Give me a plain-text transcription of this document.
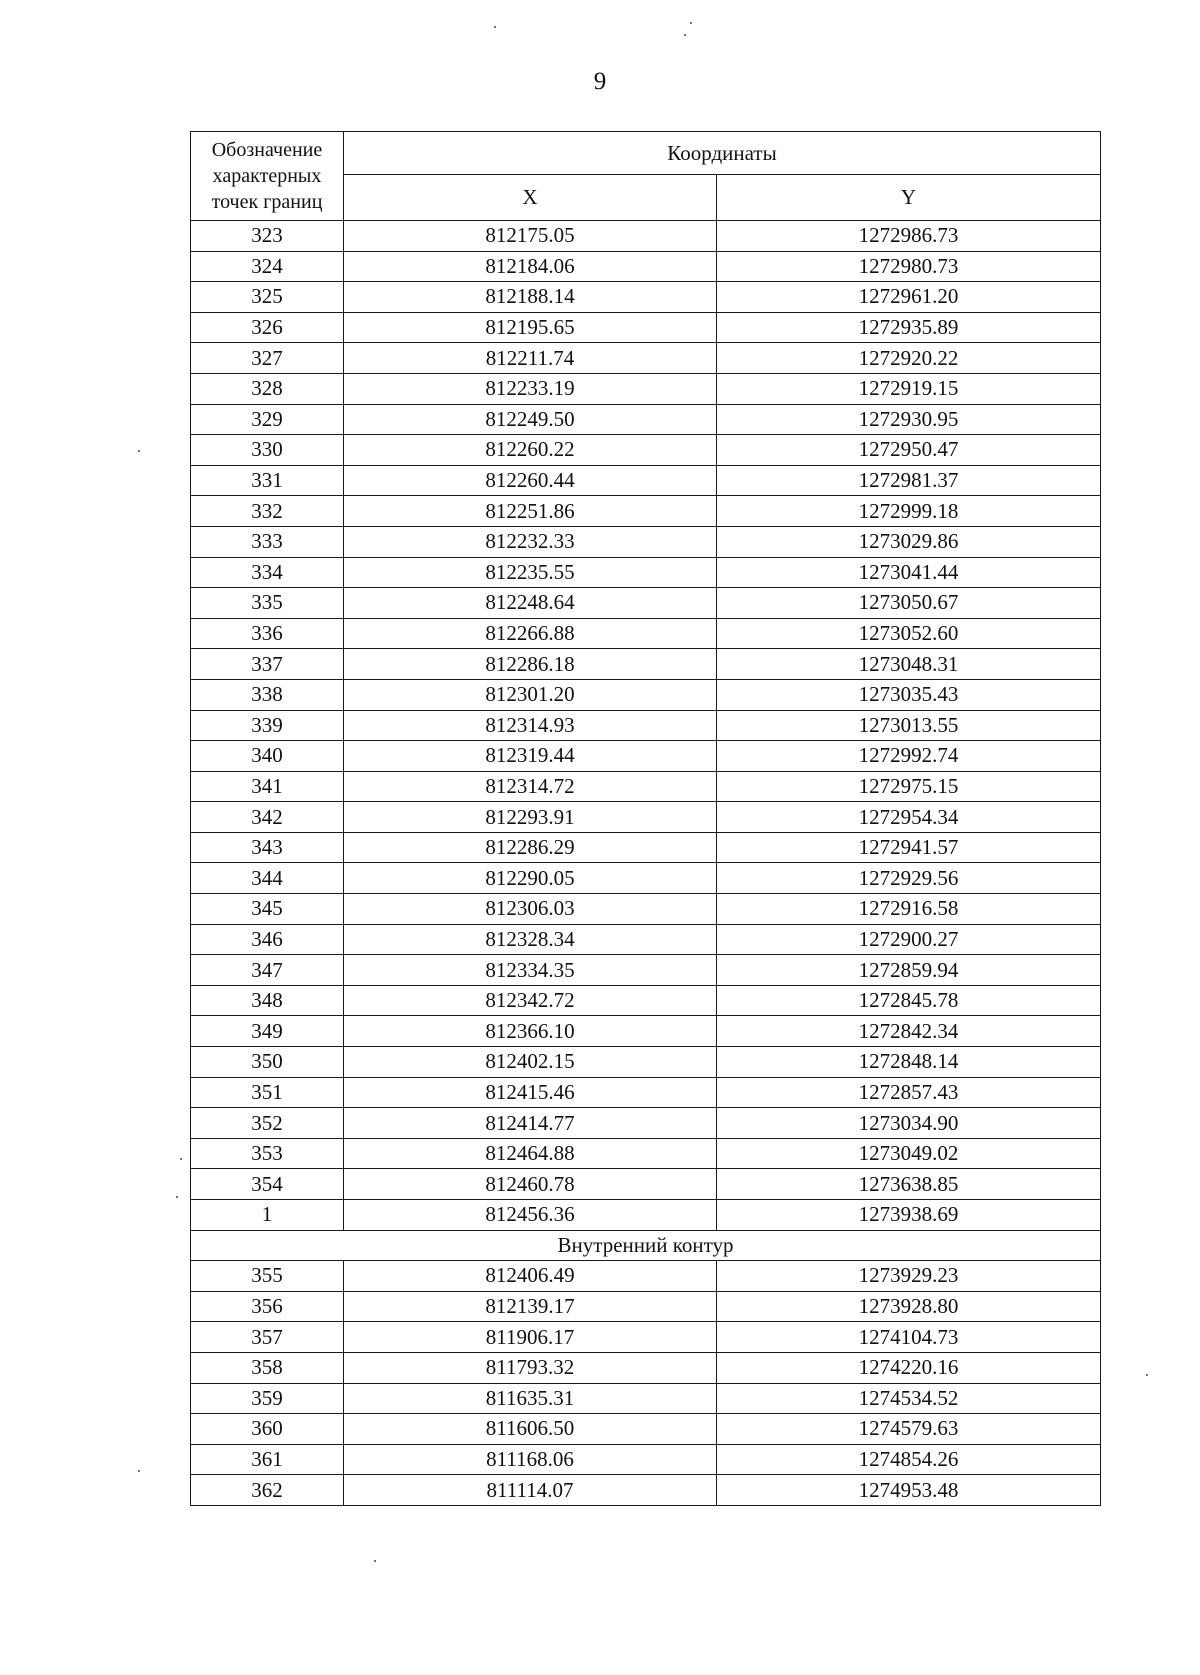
9
Обозначение характерных точек границ	Координаты	
	X	Y
323	812175.05	1272986.73
324	812184.06	1272980.73
325	812188.14	1272961.20
326	812195.65	1272935.89
327	812211.74	1272920.22
328	812233.19	1272919.15
329	812249.50	1272930.95
330	812260.22	1272950.47
331	812260.44	1272981.37
332	812251.86	1272999.18
333	812232.33	1273029.86
334	812235.55	1273041.44
335	812248.64	1273050.67
336	812266.88	1273052.60
337	812286.18	1273048.31
338	812301.20	1273035.43
339	812314.93	1273013.55
340	812319.44	1272992.74
341	812314.72	1272975.15
342	812293.91	1272954.34
343	812286.29	1272941.57
344	812290.05	1272929.56
345	812306.03	1272916.58
346	812328.34	1272900.27
347	812334.35	1272859.94
348	812342.72	1272845.78
349	812366.10	1272842.34
350	812402.15	1272848.14
351	812415.46	1272857.43
352	812414.77	1273034.90
353	812464.88	1273049.02
354	812460.78	1273638.85
1	812456.36	1273938.69
Внутренний контур		
355	812406.49	1273929.23
356	812139.17	1273928.80
357	811906.17	1274104.73
358	811793.32	1274220.16
359	811635.31	1274534.52
360	811606.50	1274579.63
361	811168.06	1274854.26
362	811114.07	1274953.48
